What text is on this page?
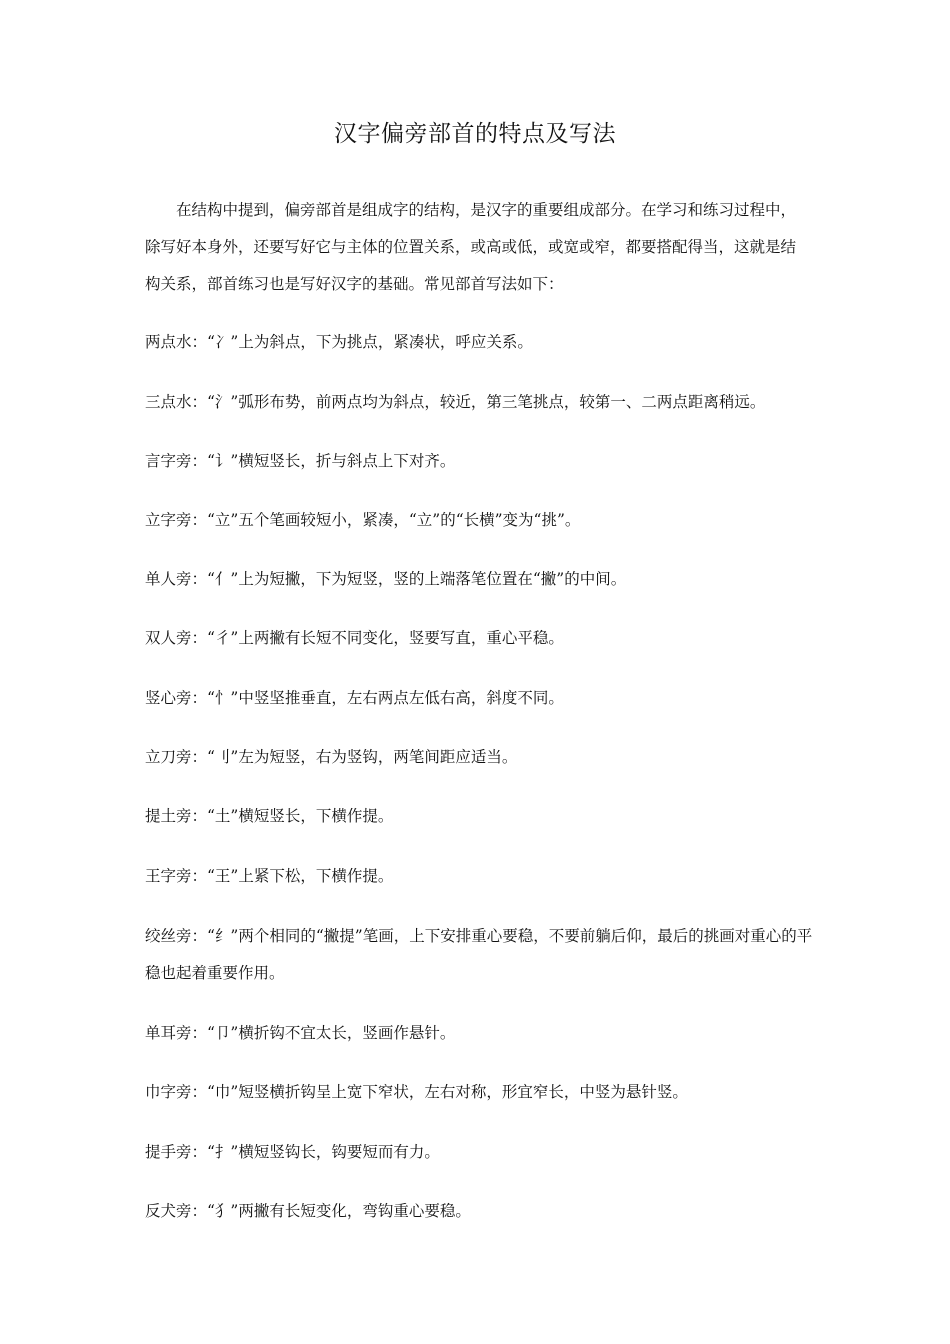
汉字偏旁部首的特点及写法

在结构中提到，偏旁部首是组成字的结构，是汉字的重要组成部分。在学习和练习过程中，除写好本身外，还要写好它与主体的位置关系，或高或低，或宽或窄，都要搭配得当，这就是结构关系，部首练习也是写好汉字的基础。常见部首写法如下：

两点水：“冫”上为斜点，下为挑点，紧凑状，呼应关系。

三点水：“氵”弧形布势，前两点均为斜点，较近，第三笔挑点，较第一、二两点距离稍远。

言字旁：“讠”横短竖长，折与斜点上下对齐。

立字旁：“立”五个笔画较短小，紧凑，“立”的“长横”变为“挑”。

单人旁：“亻”上为短撇，下为短竖，竖的上端落笔位置在“撇”的中间。

双人旁：“彳”上两撇有长短不同变化，竖要写直，重心平稳。

竖心旁：“忄”中竖坚推垂直，左右两点左低右高，斜度不同。

立刀旁：“刂”左为短竖，右为竖钩，两笔间距应适当。

提土旁：“土”横短竖长，下横作提。

王字旁：“王”上紧下松，下横作提。

绞丝旁：“纟”两个相同的“撇提”笔画，上下安排重心要稳，不要前躺后仰，最后的挑画对重心的平稳也起着重要作用。

单耳旁：“卩”横折钩不宜太长，竖画作悬针。

巾字旁：“巾”短竖横折钩呈上宽下窄状，左右对称，形宜窄长，中竖为悬针竖。

提手旁：“扌”横短竖钩长，钩要短而有力。

反犬旁：“犭”两撇有长短变化，弯钩重心要稳。
